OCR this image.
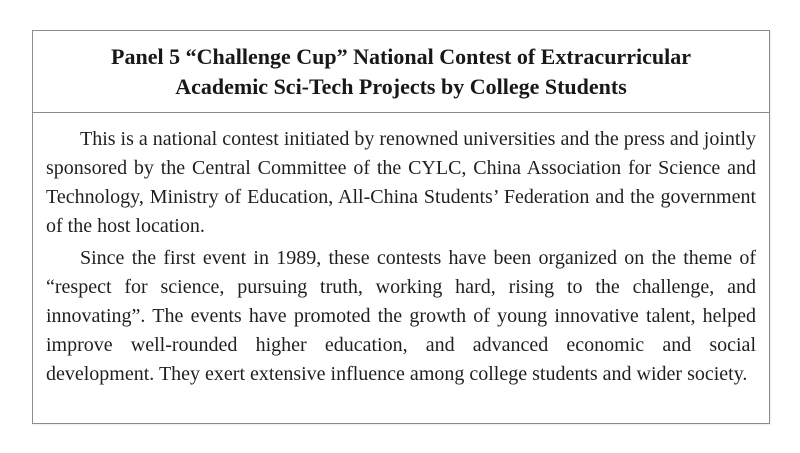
Panel 5 “Challenge Cup” National Contest of Extracurricular
Academic Sci-Tech Projects by College Students

This is a national contest initiated by renowned universities and the press and jointly sponsored by the Central Committee of the CYLC, China Association for Science and Technology, Ministry of Education, All-China Students’ Federation and the government of the host location.

Since the first event in 1989, these contests have been organized on the theme of “respect for science, pursuing truth, working hard, rising to the challenge, and innovating”. The events have promoted the growth of young innovative talent, helped improve well-rounded higher education, and advanced economic and social development. They exert extensive influence among college students and wider society.
